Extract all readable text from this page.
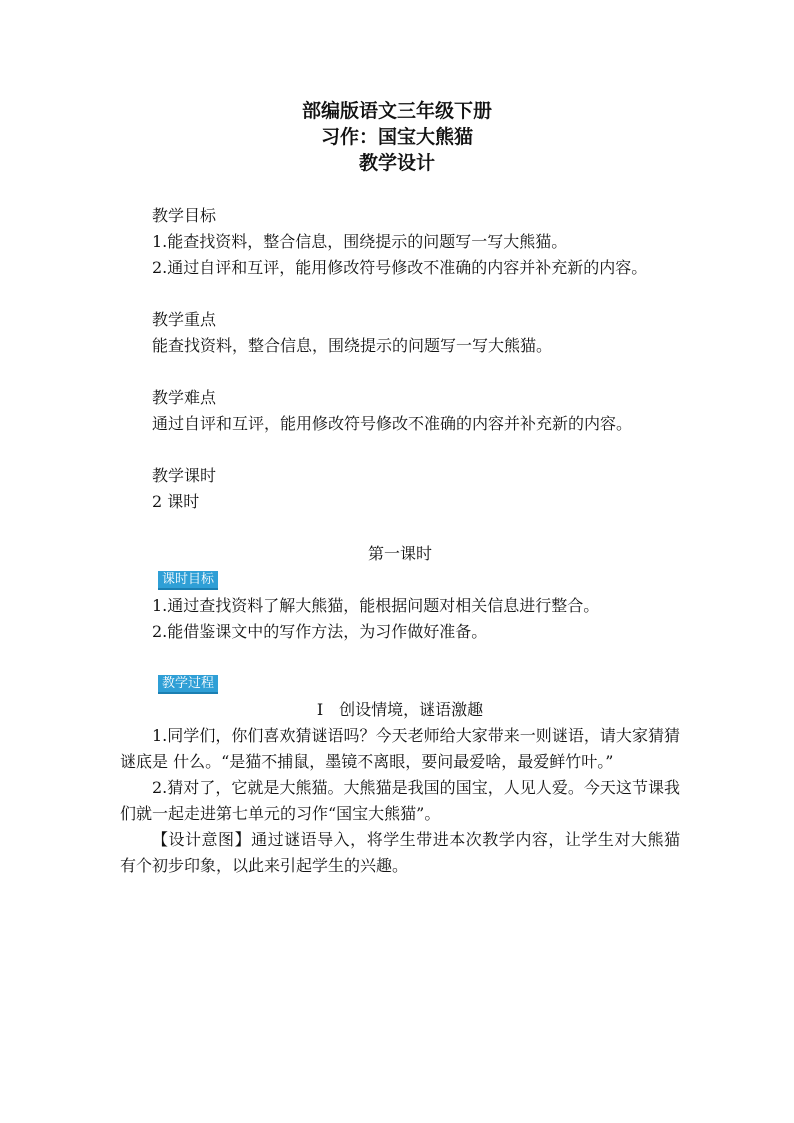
部编版语文三年级下册
习作：国宝大熊猫
教学设计

教学目标

1.能查找资料，整合信息，围绕提示的问题写一写大熊猫。

2.通过自评和互评，能用修改符号修改不准确的内容并补充新的内容。

教学重点

能查找资料，整合信息，围绕提示的问题写一写大熊猫。

教学难点

通过自评和互评，能用修改符号修改不准确的内容并补充新的内容。

教学课时

2 课时

第一课时

课时目标

1.通过查找资料了解大熊猫，能根据问题对相关信息进行整合。

2.能借鉴课文中的写作方法，为习作做好准备。

教学过程

Ⅰ　创设情境，谜语激趣

1.同学们，你们喜欢猜谜语吗？今天老师给大家带来一则谜语，请大家猜猜谜底是 什么。“是猫不捕鼠，墨镜不离眼，要问最爱啥，最爱鲜竹叶。”

2.猜对了，它就是大熊猫。大熊猫是我国的国宝，人见人爱。今天这节课我们就一起走进第七单元的习作“国宝大熊猫”。

【设计意图】通过谜语导入，将学生带进本次教学内容，让学生对大熊猫有个初步印象，以此来引起学生的兴趣。
